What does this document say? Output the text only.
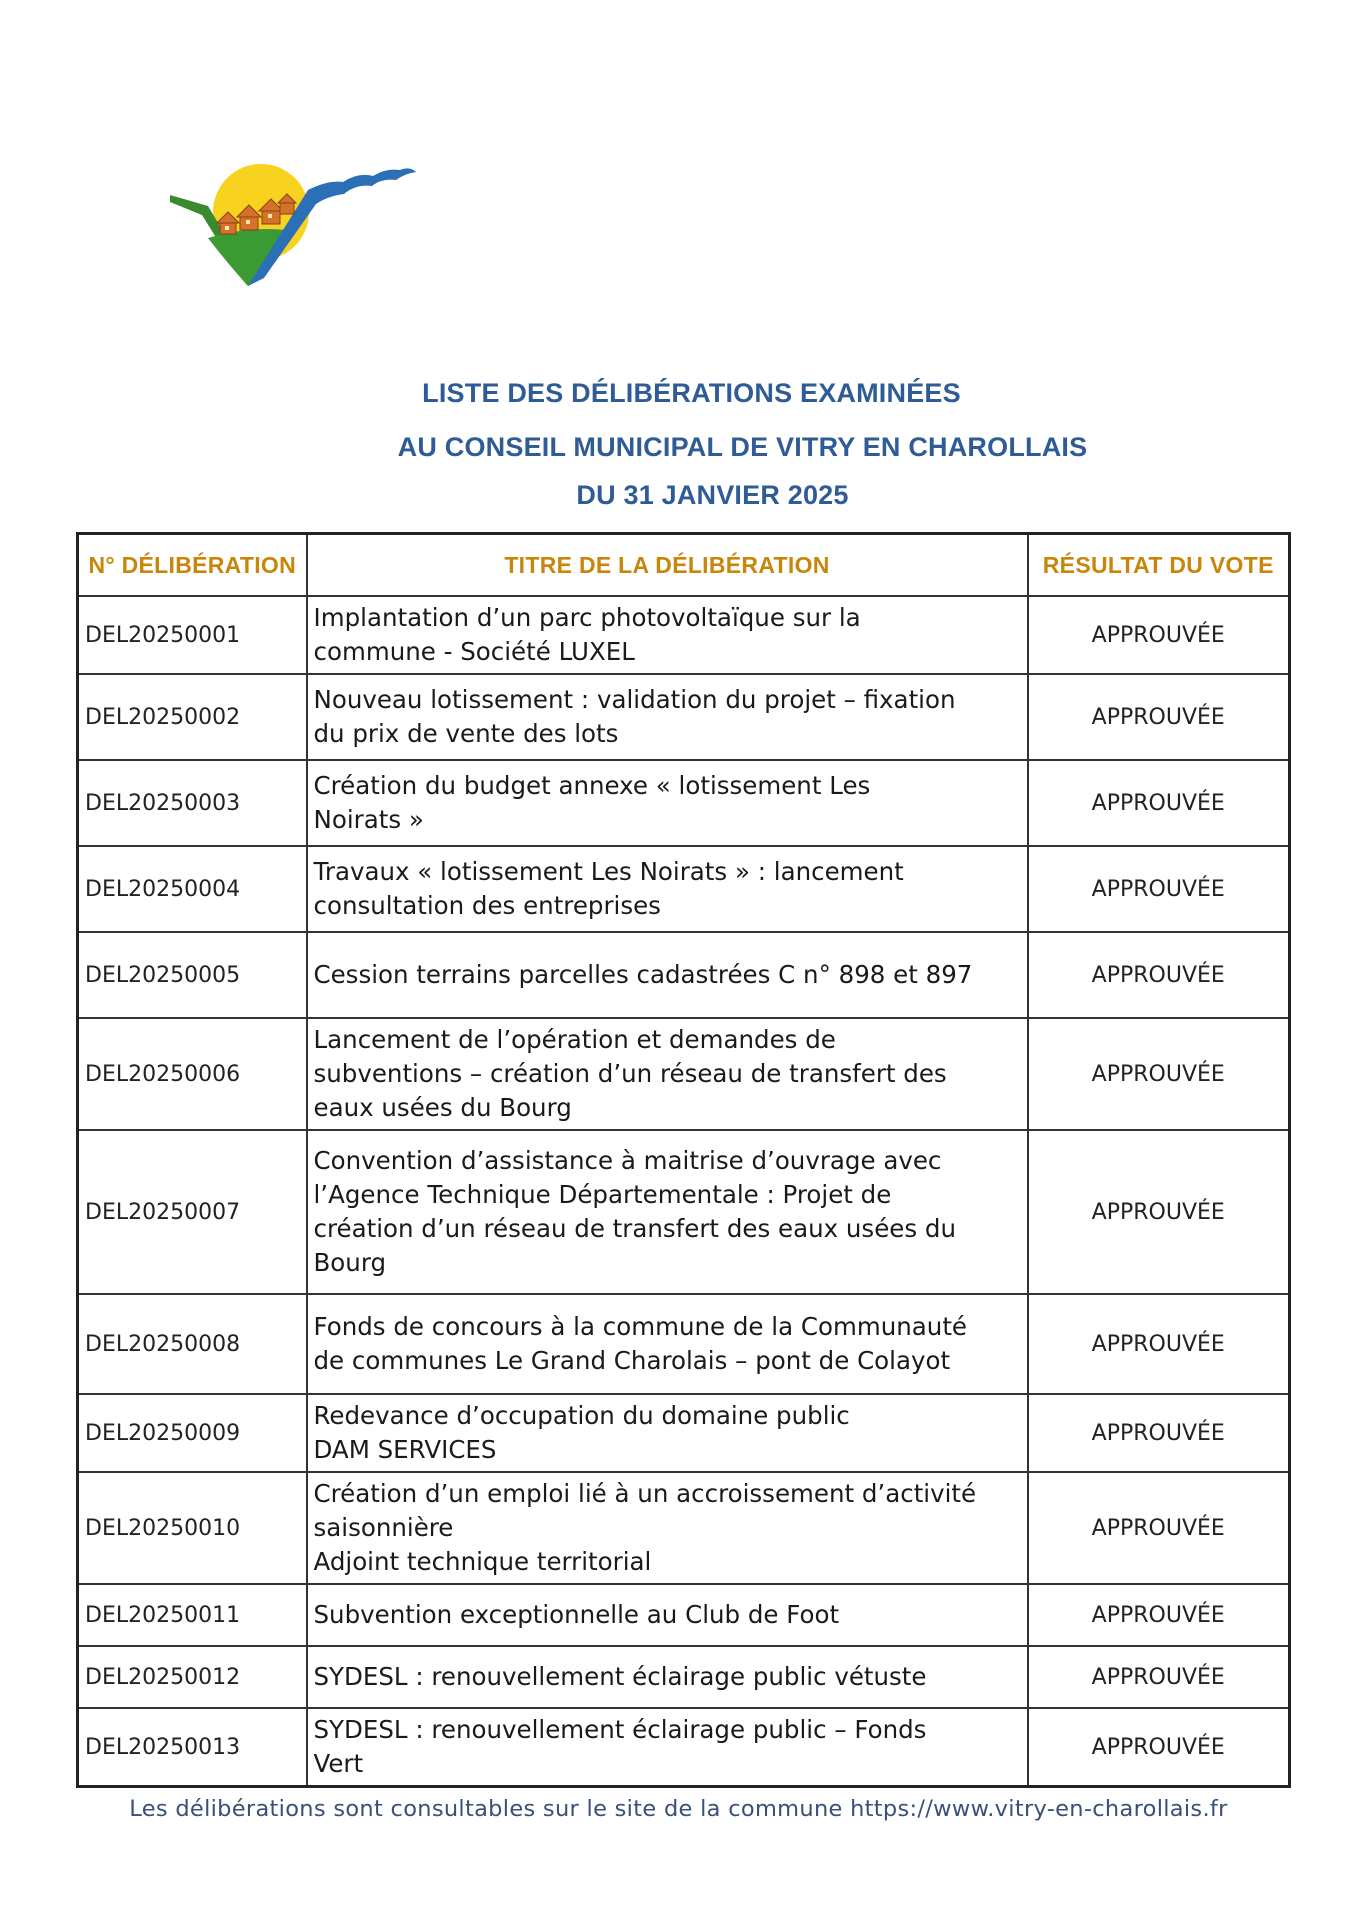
LISTE DES DÉLIBÉRATIONS EXAMINÉES
AU CONSEIL MUNICIPAL DE VITRY EN CHAROLLAIS
DU 31 JANVIER 2025
N° DÉLIBÉRATION	TITRE DE LA DÉLIBÉRATION	RÉSULTAT DU VOTE
DEL20250001	Implantation d’un parc photovoltaïque sur la
commune - Société LUXEL	APPROUVÉE
DEL20250002	Nouveau lotissement : validation du projet – fixation
du prix de vente des lots	APPROUVÉE
DEL20250003	Création du budget annexe « lotissement Les
Noirats »	APPROUVÉE
DEL20250004	Travaux « lotissement Les Noirats » : lancement
consultation des entreprises	APPROUVÉE
DEL20250005	Cession terrains parcelles cadastrées C n° 898 et 897	APPROUVÉE
DEL20250006	Lancement de l’opération et demandes de
subventions – création d’un réseau de transfert des
eaux usées du Bourg	APPROUVÉE
DEL20250007	Convention d’assistance à maitrise d’ouvrage avec
l’Agence Technique Départementale : Projet de
création d’un réseau de transfert des eaux usées du
Bourg	APPROUVÉE
DEL20250008	Fonds de concours à la commune de la Communauté
de communes Le Grand Charolais – pont de Colayot	APPROUVÉE
DEL20250009	Redevance d’occupation du domaine public
DAM SERVICES	APPROUVÉE
DEL20250010	Création d’un emploi lié à un accroissement d’activité
saisonnière
Adjoint technique territorial	APPROUVÉE
DEL20250011	Subvention exceptionnelle au Club de Foot	APPROUVÉE
DEL20250012	SYDESL : renouvellement éclairage public vétuste	APPROUVÉE
DEL20250013	SYDESL : renouvellement éclairage public – Fonds
Vert	APPROUVÉE
Les délibérations sont consultables sur le site de la commune https://www.vitry-en-charollais.fr
